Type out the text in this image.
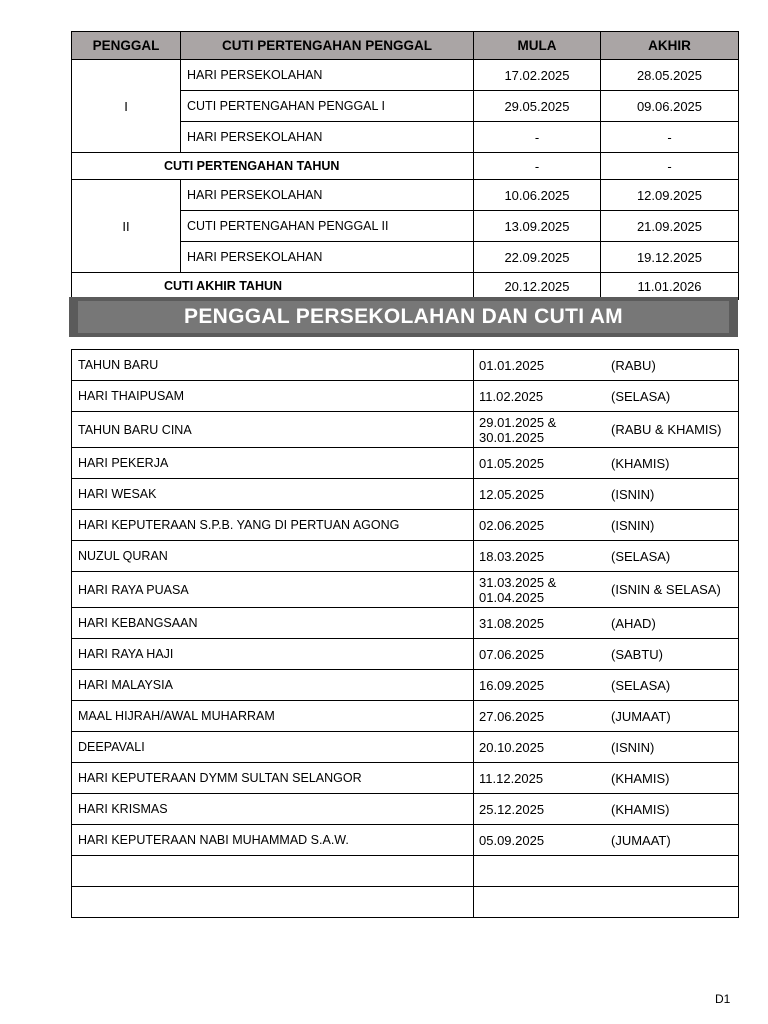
PENGGAL	CUTI PERTENGAHAN PENGGAL	MULA	AKHIR
I	HARI PERSEKOLAHAN	17.02.2025	28.05.2025
	CUTI PERTENGAHAN PENGGAL I	29.05.2025	09.06.2025
	HARI PERSEKOLAHAN	-	-
CUTI PERTENGAHAN TAHUN		-	-
II	HARI PERSEKOLAHAN	10.06.2025	12.09.2025
	CUTI PERTENGAHAN PENGGAL II	13.09.2025	21.09.2025
	HARI PERSEKOLAHAN	22.09.2025	19.12.2025
CUTI AKHIR TAHUN		20.12.2025	11.01.2026
PENGGAL PERSEKOLAHAN DAN CUTI AM
TAHUN BARU	01.01.2025 (RABU)

HARI THAIPUSAM	11.02.2025 (SELASA)

TAHUN BARU CINA	29.01.2025 & 30.01.2025 (RABU & KHAMIS)

HARI PEKERJA	01.05.2025 (KHAMIS)

HARI WESAK	12.05.2025 (ISNIN)

HARI KEPUTERAAN S.P.B. YANG DI PERTUAN AGONG	02.06.2025 (ISNIN)

NUZUL QURAN	18.03.2025 (SELASA)

HARI RAYA PUASA	31.03.2025 & 01.04.2025 (ISNIN & SELASA)

HARI KEBANGSAAN	31.08.2025 (AHAD)

HARI RAYA HAJI	07.06.2025 (SABTU)

HARI MALAYSIA	16.09.2025 (SELASA)

MAAL HIJRAH/AWAL MUHARRAM	27.06.2025 (JUMAAT)

DEEPAVALI	20.10.2025 (ISNIN)

HARI KEPUTERAAN DYMM SULTAN SELANGOR	11.12.2025 (KHAMIS)

HARI KRISMAS	25.12.2025 (KHAMIS)

HARI KEPUTERAAN NABI MUHAMMAD S.A.W.	05.09.2025 (JUMAAT)

D1
